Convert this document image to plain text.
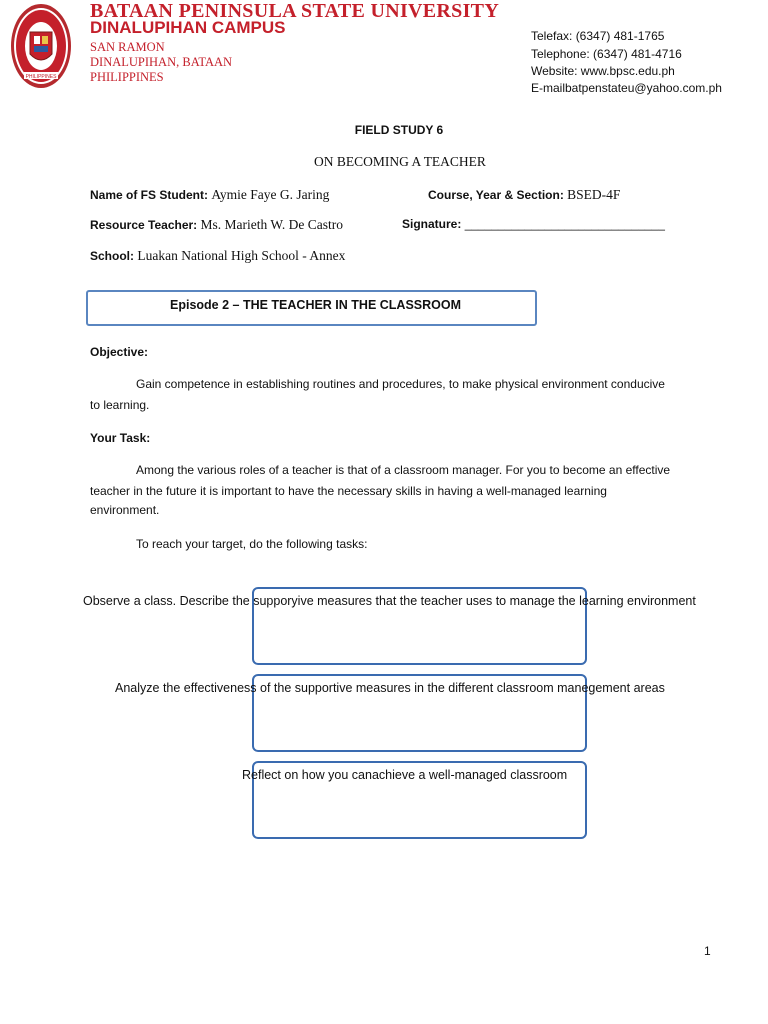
PHILIPPINES
BATAAN PENINSULA STATE UNIVERSITY
DINALUPIHAN CAMPUS
SAN RAMON
DINALUPIHAN, BATAAN
PHILIPPINES
Telefax: (6347) 481-1765
Telephone: (6347) 481-4716
Website: www.bpsc.edu.ph
E-mailbatpenstateu@yahoo.com.ph
FIELD STUDY 6
ON BECOMING A TEACHER
Name of FS Student: Aymie Faye G. Jaring	Course, Year & Section: BSED-4F
Resource Teacher: Ms. Marieth W. De Castro	Signature: ______________________________
School: Luakan National High School - Annex
Episode 2 – THE TEACHER IN THE CLASSROOM
Objective:
Gain competence in establishing routines and procedures, to make physical environment conducive
to learning.
Your Task:
Among the various roles of a teacher is that of a classroom manager. For you to become an effective
teacher in the future it is important to have the necessary skills in having a well-managed learning
environment.
To reach your target, do the following tasks:
Observe a class. Describe the supporyive measures that the teacher uses to manage the learning environment
Analyze the effectiveness of the supportive measures in the different classroom manegement areas
Reflect on how you canachieve a well-managed classroom
1
